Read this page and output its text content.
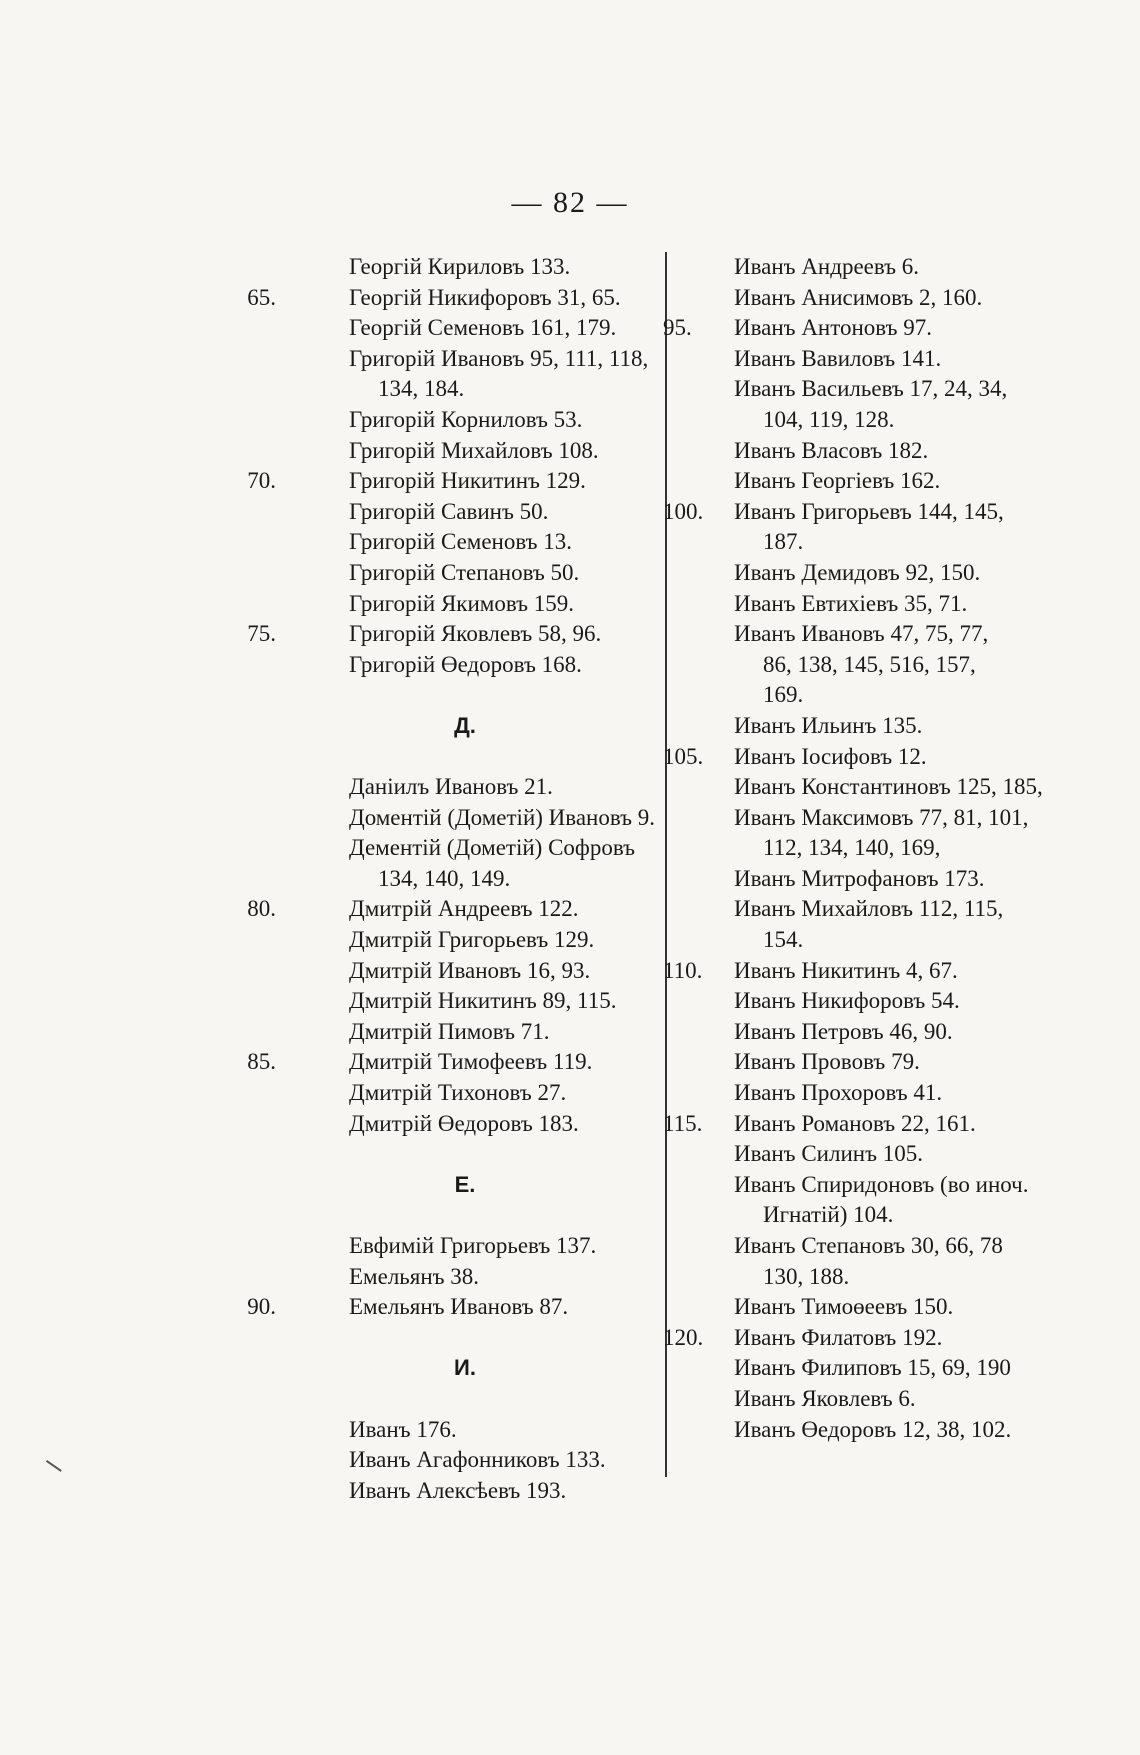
— 82 —
Георгій Кириловъ 133.
65.	Георгій Никифоровъ 31, 65.
Георгій Семеновъ 161, 179.
Григорій Ивановъ 95, 111, 118,
134, 184.
Григорій Корниловъ 53.
Григорій Михайловъ 108.
70.	Григорій Никитинъ 129.
Григорій Савинъ 50.
Григорій Семеновъ 13.
Григорій Степановъ 50.
Григорій Якимовъ 159.
75.	Григорій Яковлевъ 58, 96.
Григорій Өедоровъ 168.
Д.
Даніилъ Ивановъ 21.
Доментій (Дометій) Ивановъ 9.
Дементій (Дометій) Софровъ
134, 140, 149.
80.	Дмитрій Андреевъ 122.
Дмитрій Григорьевъ 129.
Дмитрій Ивановъ 16, 93.
Дмитрій Никитинъ 89, 115.
Дмитрій Пимовъ 71.
85.	Дмитрій Тимофеевъ 119.
Дмитрій Тихоновъ 27.
Дмитрій Өедоровъ 183.
Е.
Евфимій Григорьевъ 137.
Емельянъ 38.
90.	Емельянъ Ивановъ 87.
И.
Иванъ 176.
Иванъ Агафонниковъ 133.
Иванъ Алексѣевъ 193.
Иванъ Андреевъ 6.
Иванъ Анисимовъ 2, 160.
95.	Иванъ Антоновъ 97.
Иванъ Вавиловъ 141.
Иванъ Васильевъ 17, 24, 34,
104, 119, 128.
Иванъ Власовъ 182.
Иванъ Георгіевъ 162.
100.	Иванъ Григорьевъ 144, 145,
187.
Иванъ Демидовъ 92, 150.
Иванъ Евтихіевъ 35, 71.
Иванъ Ивановъ 47, 75, 77,
86, 138, 145, 516, 157,
169.
Иванъ Ильинъ 135.
105.	Иванъ Іосифовъ 12.
Иванъ Константиновъ 125, 185,
Иванъ Максимовъ 77, 81, 101,
112, 134, 140, 169,
Иванъ Митрофановъ 173.
Иванъ Михайловъ 112, 115,
154.
110.	Иванъ Никитинъ 4, 67.
Иванъ Никифоровъ 54.
Иванъ Петровъ 46, 90.
Иванъ Прововъ 79.
Иванъ Прохоровъ 41.
115.	Иванъ Романовъ 22, 161.
Иванъ Силинъ 105.
Иванъ Спиридоновъ (во иноч.
Игнатій) 104.
Иванъ Степановъ 30, 66, 78
130, 188.
Иванъ Тимоөеевъ 150.
120.	Иванъ Филатовъ 192.
Иванъ Филиповъ 15, 69, 190
Иванъ Яковлевъ 6.
Иванъ Өедоровъ 12, 38, 102.
